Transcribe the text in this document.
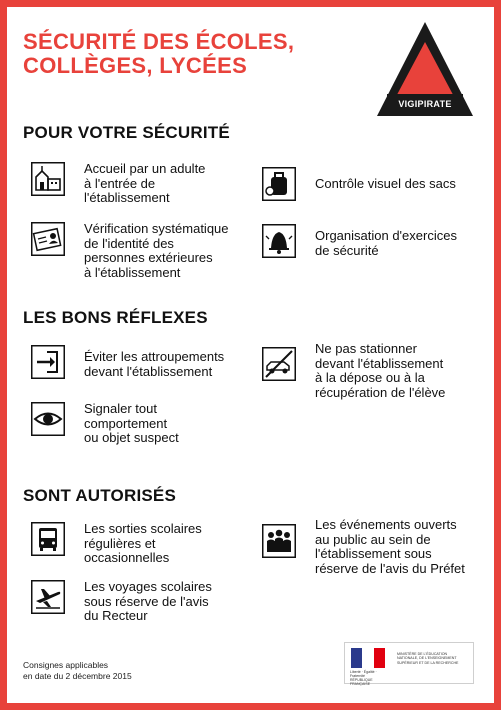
SÉCURITÉ DES ÉCOLES,
COLLÈGES, LYCÉES
VIGIPIRATE
POUR VOTRE SÉCURITÉ
Accueil par un adulte
à l'entrée de
l'établissement
Contrôle visuel des sacs
Vérification systématique
de l'identité des
personnes extérieures
à l'établissement
Organisation d'exercices
de sécurité
LES BONS RÉFLEXES
Éviter les attroupements
devant l'établissement
Ne pas stationner
devant l'établissement
à la dépose ou à la
récupération de l'élève
Signaler tout
comportement
ou objet suspect
SONT AUTORISÉS
Les sorties scolaires
régulières et
occasionnelles
Les événements ouverts
au public au sein de
l'établissement sous
réserve de l'avis du Préfet
Les voyages scolaires
sous réserve de l'avis
du Recteur
Consignes applicables
en date du 2 décembre 2015	Liberté · Égalité · Fraternité
RÉPUBLIQUE FRANÇAISE
MINISTÈRE DE L'ÉDUCATION
NATIONALE, DE L'ENSEIGNEMENT
SUPÉRIEUR ET DE LA RECHERCHE
